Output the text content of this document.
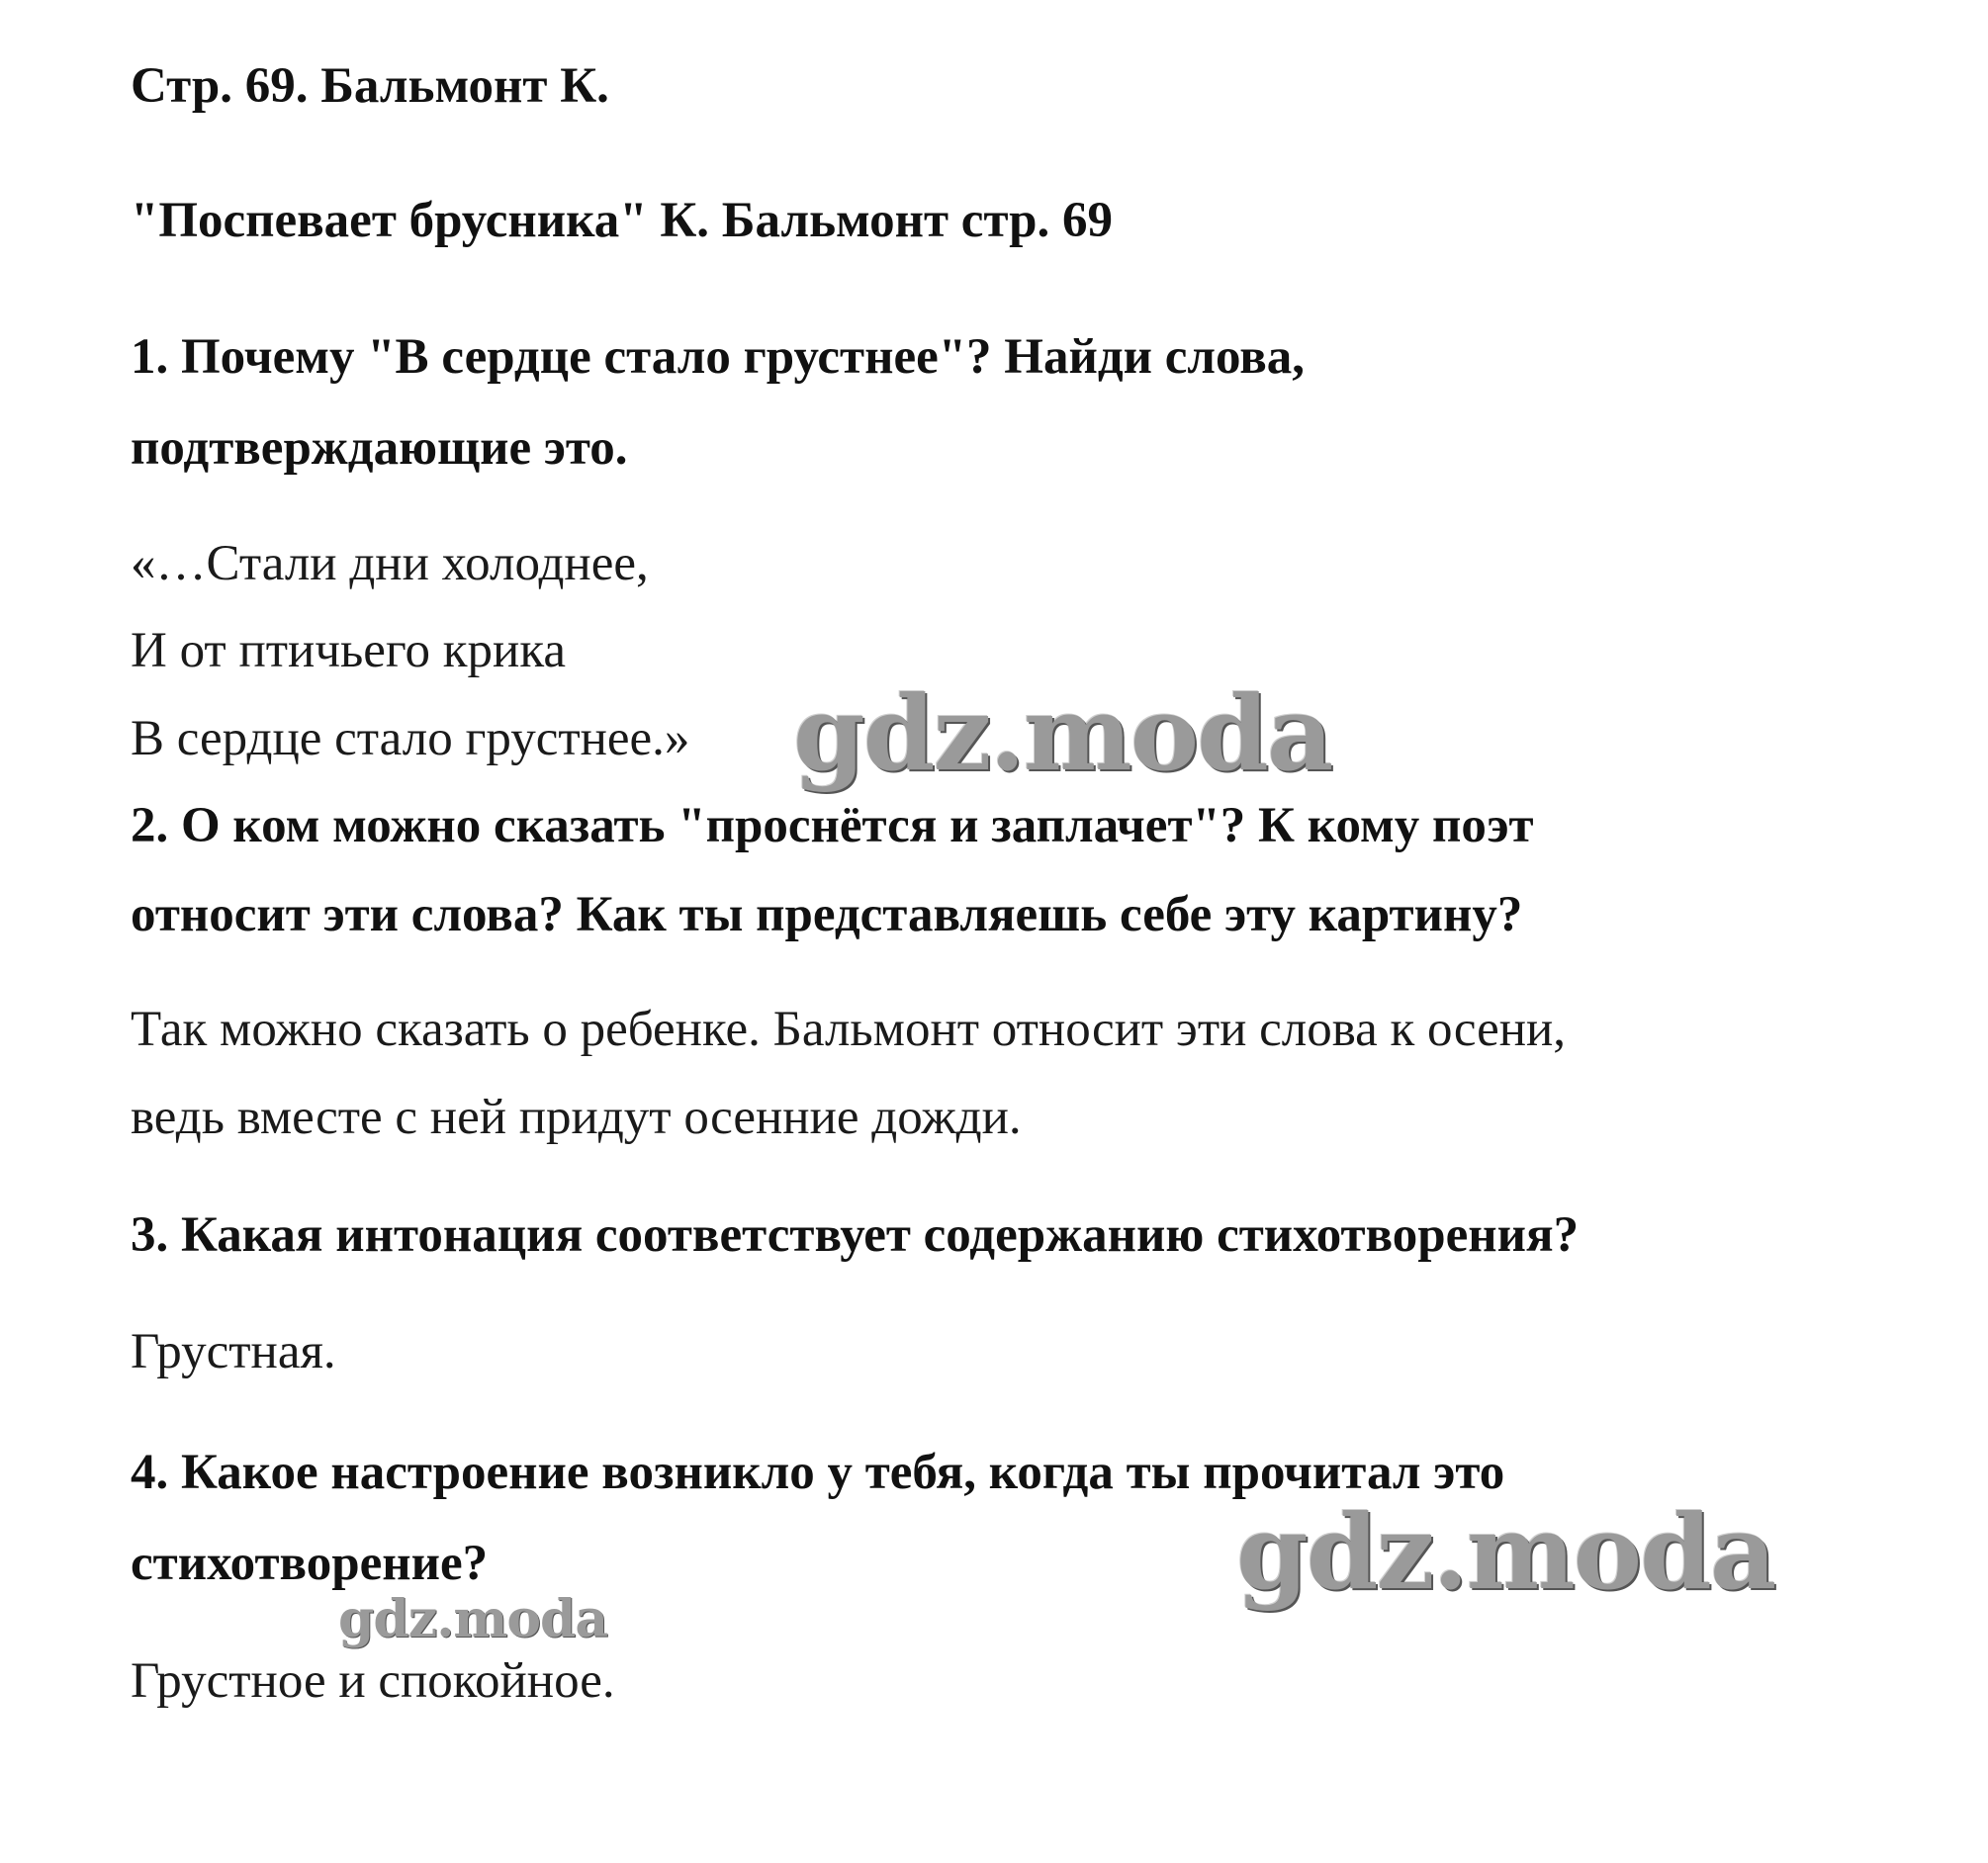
Стр. 69. Бальмонт К.
"Поспевает брусника" К. Бальмонт стр. 69
1. Почему "В сердце стало грустнее"? Найди слова,
подтверждающие это.
«…Стали дни холоднее,
И от птичьего крика
В сердце стало грустнее.»
2. О ком можно сказать "проснётся и заплачет"? К кому поэт
относит эти слова? Как ты представляешь себе эту картину?
Так можно сказать о ребенке. Бальмонт относит эти слова к осени,
ведь вместе с ней придут осенние дожди.
3. Какая интонация соответствует содержанию стихотворения?
Грустная.
4. Какое настроение возникло у тебя, когда ты прочитал это
стихотворение?
Грустное и спокойное.
gdz.moda
gdz.moda
gdz.moda
